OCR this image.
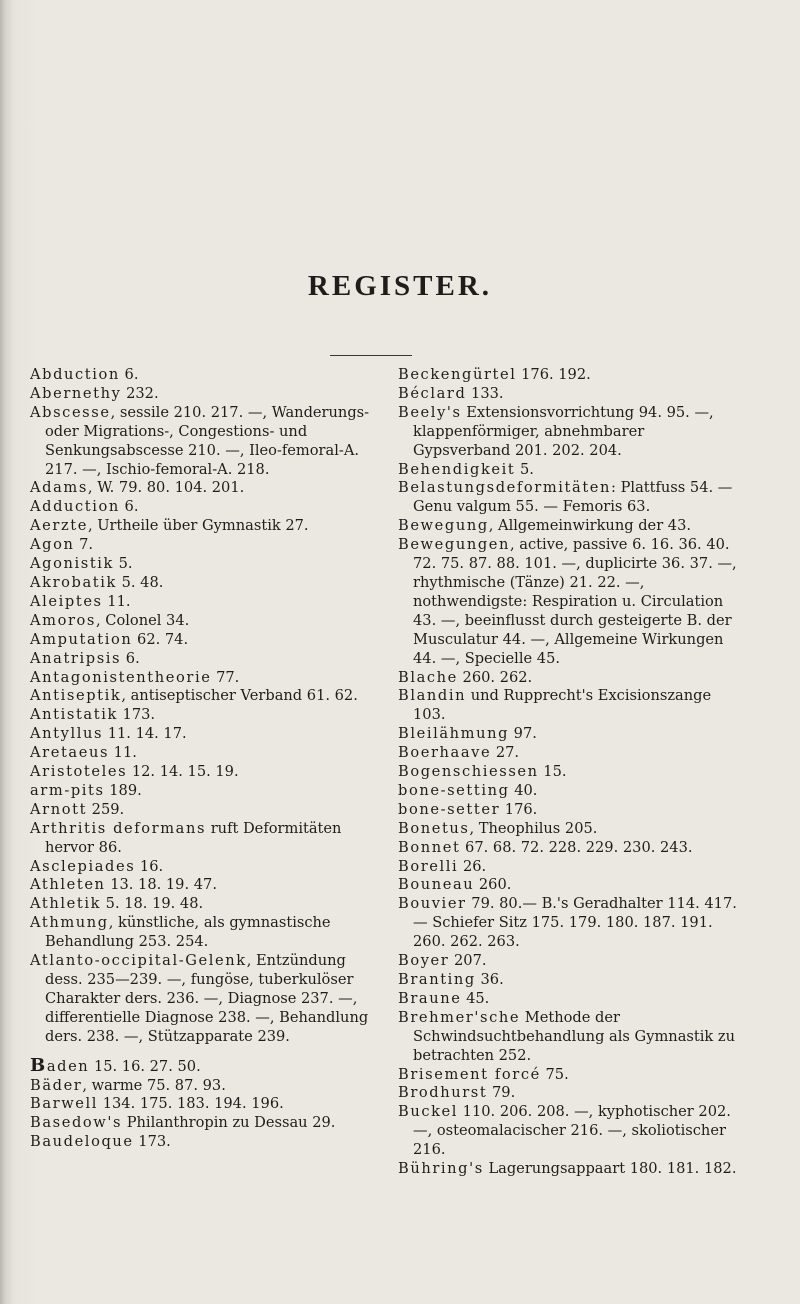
REGISTER.

Abduction 6.

Abernethy 232.

Abscesse, sessile 210. 217. —, Wanderungs- oder Migrations-, Congestions- und Senkungsabscesse 210. —, Ileo-femoral-A. 217. —, Ischio-femoral-A. 218.

Adams, W. 79. 80. 104. 201.

Adduction 6.

Aerzte, Urtheile über Gymnastik 27.

Agon 7.

Agonistik 5.

Akrobatik 5. 48.

Aleiptes 11.

Amoros, Colonel 34.

Amputation 62. 74.

Anatripsis 6.

Antagonistentheorie 77.

Antiseptik, antiseptischer Verband 61. 62.

Antistatik 173.

Antyllus 11. 14. 17.

Aretaeus 11.

Aristoteles 12. 14. 15. 19.

arm-pits 189.

Arnott 259.

Arthritis deformans ruft Deformitäten hervor 86.

Asclepiades 16.

Athleten 13. 18. 19. 47.

Athletik 5. 18. 19. 48.

Athmung, künstliche, als gymnastische Behandlung 253. 254.

Atlanto-occipital-Gelenk, Entzündung dess. 235—239. —, fungöse, tuberkulöser Charakter ders. 236. —, Diagnose 237. —, differentielle Diagnose 238. —, Behandlung ders. 238. —, Stützapparate 239.

Baden 15. 16. 27. 50.

Bäder, warme 75. 87. 93.

Barwell 134. 175. 183. 194. 196.

Basedow's Philanthropin zu Dessau 29.

Baudeloque 173.

Beckengürtel 176. 192.

Béclard 133.

Beely's Extensionsvorrichtung 94. 95. —, klappenförmiger, abnehmbarer Gypsverband 201. 202. 204.

Behendigkeit 5.

Belastungsdeformitäten: Plattfuss 54. — Genu valgum 55. — Femoris 63.

Bewegung, Allgemeinwirkung der 43.

Bewegungen, active, passive 6. 16. 36. 40. 72. 75. 87. 88. 101. —, duplicirte 36. 37. —, rhythmische (Tänze) 21. 22. —, nothwendigste: Respiration u. Circulation 43. —, beeinflusst durch gesteigerte B. der Musculatur 44. —, Allgemeine Wirkungen 44. —, Specielle 45.

Blache 260. 262.

Blandin und Rupprecht's Excisionszange 103.

Bleilähmung 97.

Boerhaave 27.

Bogenschiessen 15.

bone-setting 40.

bone-setter 176.

Bonetus, Theophilus 205.

Bonnet 67. 68. 72. 228. 229. 230. 243.

Borelli 26.

Bouneau 260.

Bouvier 79. 80.— B.'s Geradhalter 114. 417. — Schiefer Sitz 175. 179. 180. 187. 191. 260. 262. 263.

Boyer 207.

Branting 36.

Braune 45.

Brehmer'sche Methode der Schwindsuchtbehandlung als Gymnastik zu betrachten 252.

Brisement forcé 75.

Brodhurst 79.

Buckel 110. 206. 208. —, kyphotischer 202. —, osteomalacischer 216. —, skoliotischer 216.

Bühring's Lagerungsappaart 180. 181. 182.
